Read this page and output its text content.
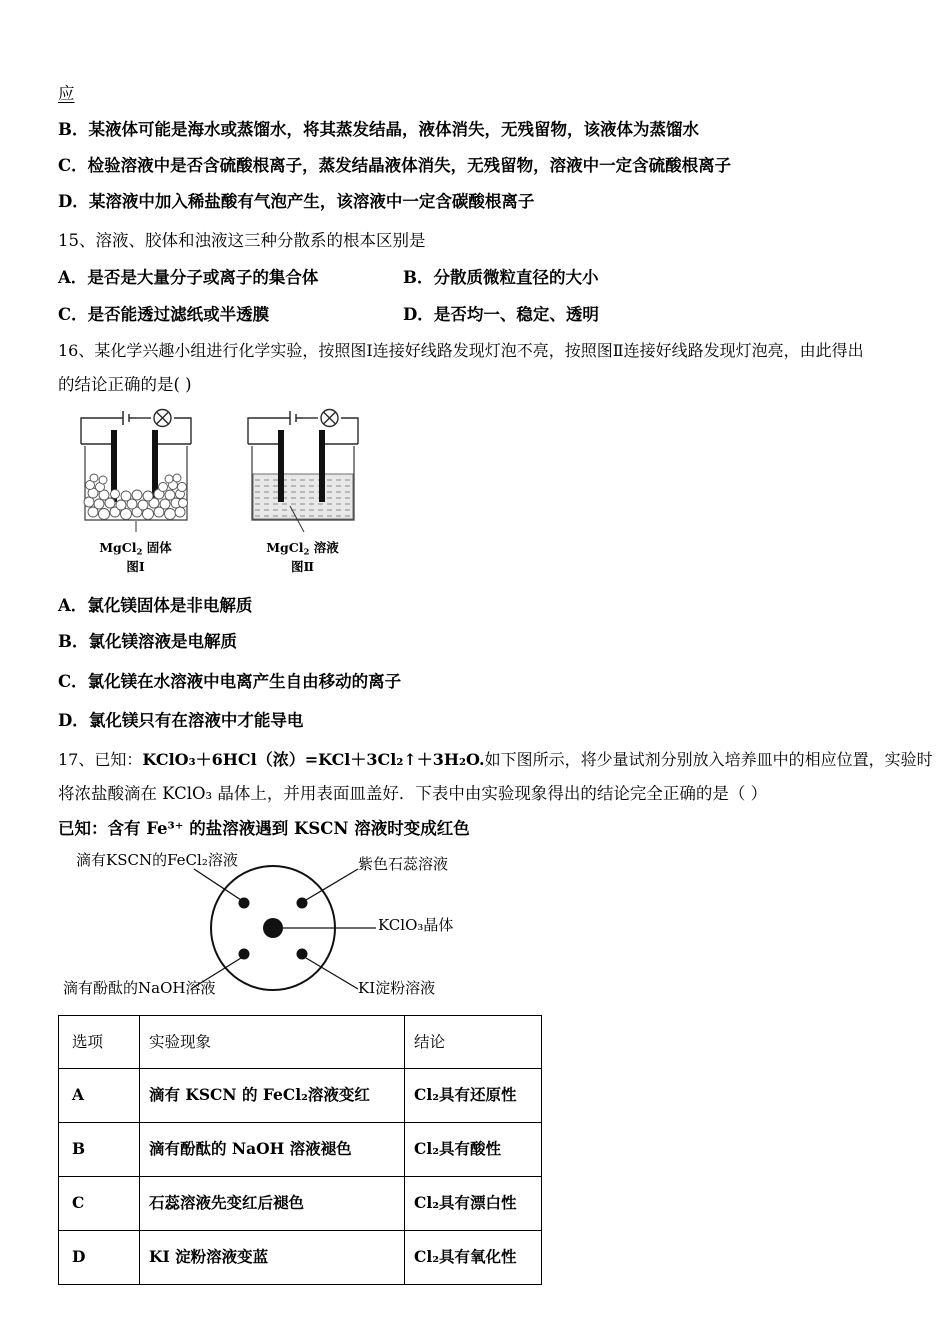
应
B．某液体可能是海水或蒸馏水，将其蒸发结晶，液体消失，无残留物，该液体为蒸馏水
C．检验溶液中是否含硫酸根离子，蒸发结晶液体消失，无残留物，溶液中一定含硫酸根离子
D．某溶液中加入稀盐酸有气泡产生，该溶液中一定含碳酸根离子
15、溶液、胶体和浊液这三种分散系的根本区别是
A．是否是大量分子或离子的集合体	B．分散质微粒直径的大小
C．是否能透过滤纸或半透膜	D．是否均一、稳定、透明
16、某化学兴趣小组进行化学实验，按照图Ⅰ连接好线路发现灯泡不亮，按照图Ⅱ连接好线路发现灯泡亮，由此得出
的结论正确的是( )
MgCl$_2$ 固体
图Ⅰ
MgCl$_2$ 溶液
图Ⅱ
A．氯化镁固体是非电解质
B．氯化镁溶液是电解质
C．氯化镁在水溶液中电离产生自由移动的离子
D．氯化镁只有在溶液中才能导电
17、已知：KClO₃＋6HCl（浓）=KCl＋3Cl₂↑＋3H₂O.如下图所示，将少量试剂分别放入培养皿中的相应位置，实验时
将浓盐酸滴在 KClO₃ 晶体上，并用表面皿盖好．下表中由实验现象得出的结论完全正确的是（ ）
已知：含有 Fe³⁺ 的盐溶液遇到 KSCN 溶液时变成红色
滴有KSCN的FeCl₂溶液	紫色石蕊溶液
KClO₃晶体
滴有酚酞的NaOH溶液	KI淀粉溶液
选项	实验现象	结论
A	滴有 KSCN 的 FeCl₂溶液变红	Cl₂具有还原性
B	滴有酚酞的 NaOH 溶液褪色	Cl₂具有酸性
C	石蕊溶液先变红后褪色	Cl₂具有漂白性
D	KI 淀粉溶液变蓝	Cl₂具有氧化性
